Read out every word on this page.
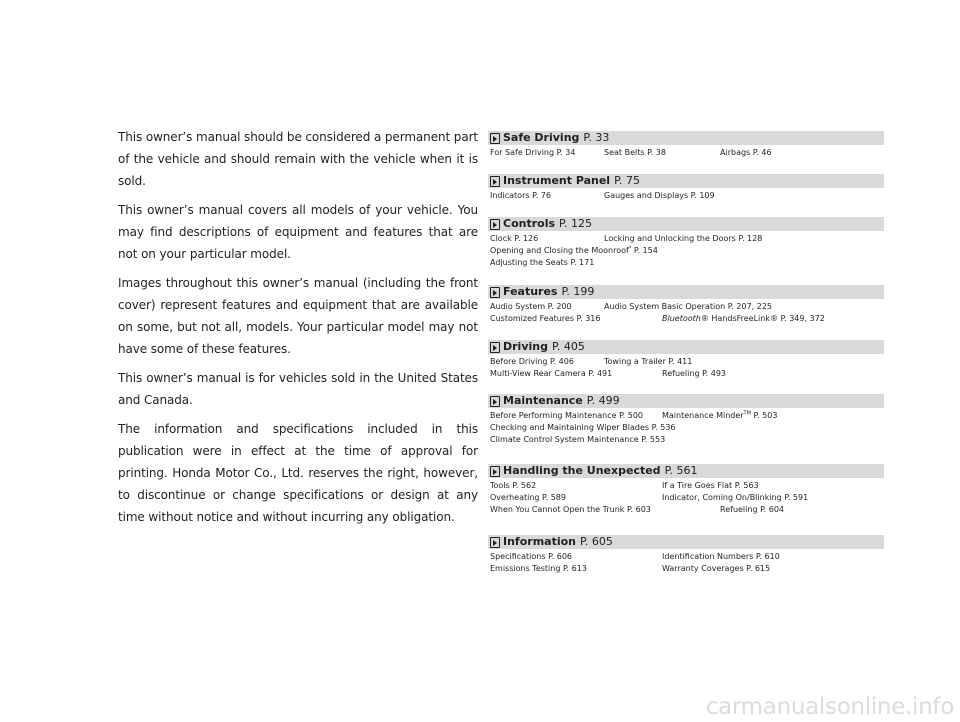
This owner’s manual should be considered a permanent part of the vehicle and should remain with the vehicle when it is sold.

This owner’s manual covers all models of your vehicle. You may find descriptions of equipment and features that are not on your particular model.

Images throughout this owner’s manual (including the front cover) represent features and equipment that are available on some, but not all, models. Your particular model may not have some of these features.

This owner’s manual is for vehicles sold in the United States and Canada.

The information and specifications included in this publication were in effect at the time of approval for printing. Honda Motor Co., Ltd. reserves the right, however, to discontinue or change specifications or design at any time without notice and without incurring any obligation.

Safe Driving P. 33
For Safe Driving P. 34	Seat Belts P. 38	Airbags P. 46
Instrument Panel P. 75
Indicators P. 76	Gauges and Displays P. 109
Controls P. 125
Clock P. 126	Locking and Unlocking the Doors P. 128
Opening and Closing the Moonroof* P. 154
Adjusting the Seats P. 171
Features P. 199
Audio System P. 200	Audio System Basic Operation P. 207, 225
Customized Features P. 316	Bluetooth® HandsFreeLink® P. 349, 372
Driving P. 405
Before Driving P. 406	Towing a Trailer P. 411
Multi-View Rear Camera P. 491	Refueling P. 493
Maintenance P. 499
Before Performing Maintenance P. 500 Maintenance Minder™ P. 503
Checking and Maintaining Wiper Blades P. 536
Climate Control System Maintenance P. 553
Handling the Unexpected P. 561
Tools P. 562	If a Tire Goes Flat P. 563
Overheating P. 589	Indicator, Coming On/Blinking P. 591
When You Cannot Open the Trunk P. 603	Refueling P. 604
Information P. 605
Specifications P. 606	Identification Numbers P. 610
Emissions Testing P. 613	Warranty Coverages P. 615
carmanualsonline.info
